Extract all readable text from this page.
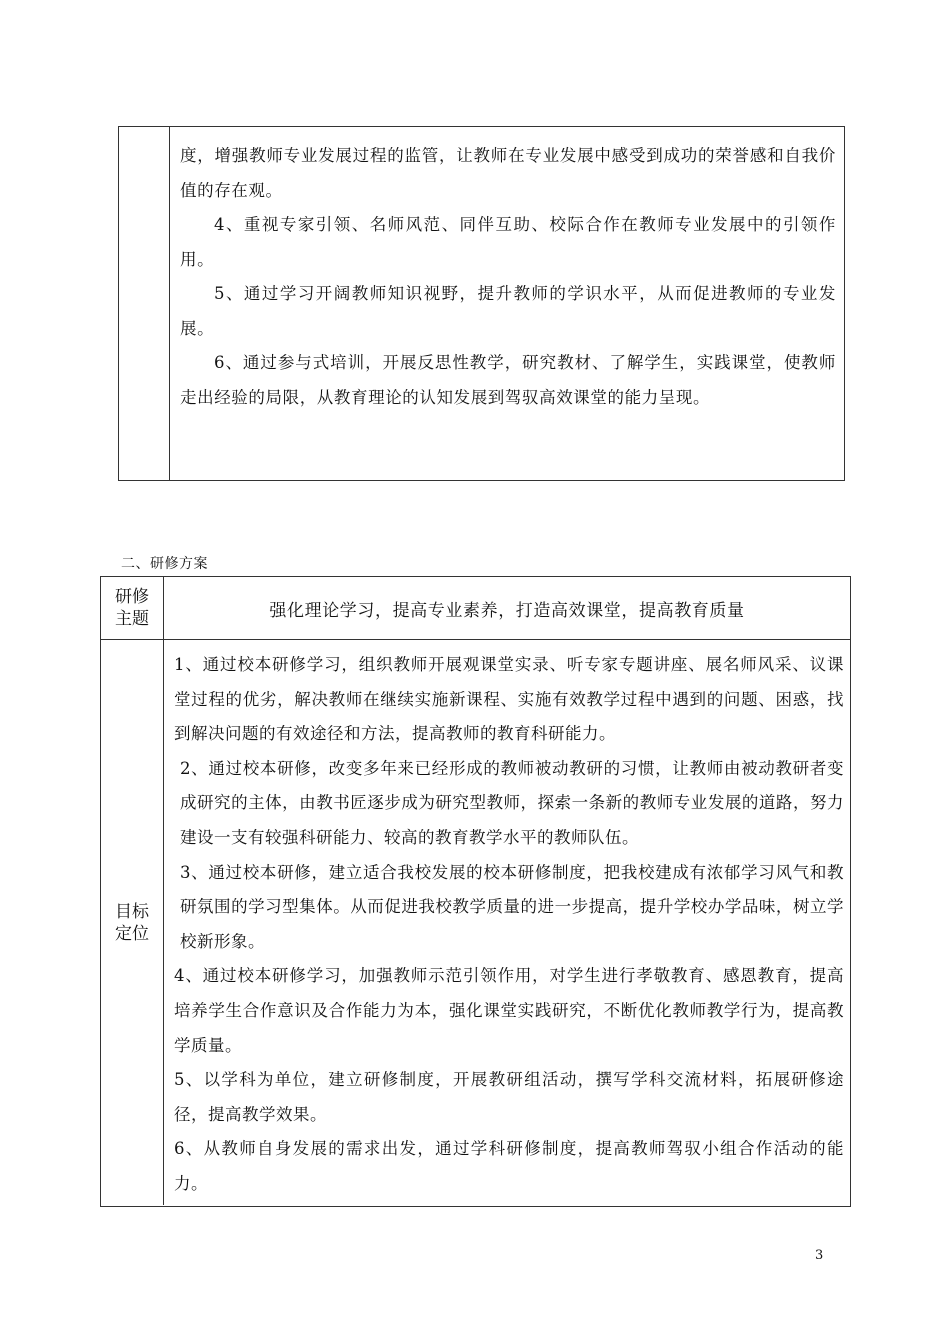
度，增强教师专业发展过程的监管，让教师在专业发展中感受到成功的荣誉感和自我价值的存在观。

4、重视专家引领、名师风范、同伴互助、校际合作在教师专业发展中的引领作用。

5、通过学习开阔教师知识视野，提升教师的学识水平，从而促进教师的专业发展。

6、通过参与式培训，开展反思性教学，研究教材、了解学生，实践课堂，使教师走出经验的局限，从教育理论的认知发展到驾驭高效课堂的能力呈现。

二、研修方案
研修主题	强化理论学习，提高专业素养，打造高效课堂，提高教育质量
目标定位

1、通过校本研修学习，组织教师开展观课堂实录、听专家专题讲座、展名师风采、议课堂过程的优劣，解决教师在继续实施新课程、实施有效教学过程中遇到的问题、困惑，找到解决问题的有效途径和方法，提高教师的教育科研能力。

2、通过校本研修，改变多年来已经形成的教师被动教研的习惯，让教师由被动教研者变成研究的主体，由教书匠逐步成为研究型教师，探索一条新的教师专业发展的道路，努力建设一支有较强科研能力、较高的教育教学水平的教师队伍。

3、通过校本研修，建立适合我校发展的校本研修制度，把我校建成有浓郁学习风气和教研氛围的学习型集体。从而促进我校教学质量的进一步提高，提升学校办学品味，树立学校新形象。

4、通过校本研修学习，加强教师示范引领作用，对学生进行孝敬教育、感恩教育，提高培养学生合作意识及合作能力为本，强化课堂实践研究，不断优化教师教学行为，提高教学质量。

5、以学科为单位，建立研修制度，开展教研组活动，撰写学科交流材料，拓展研修途径，提高教学效果。

6、从教师自身发展的需求出发，通过学科研修制度，提高教师驾驭小组合作活动的能力。

3
